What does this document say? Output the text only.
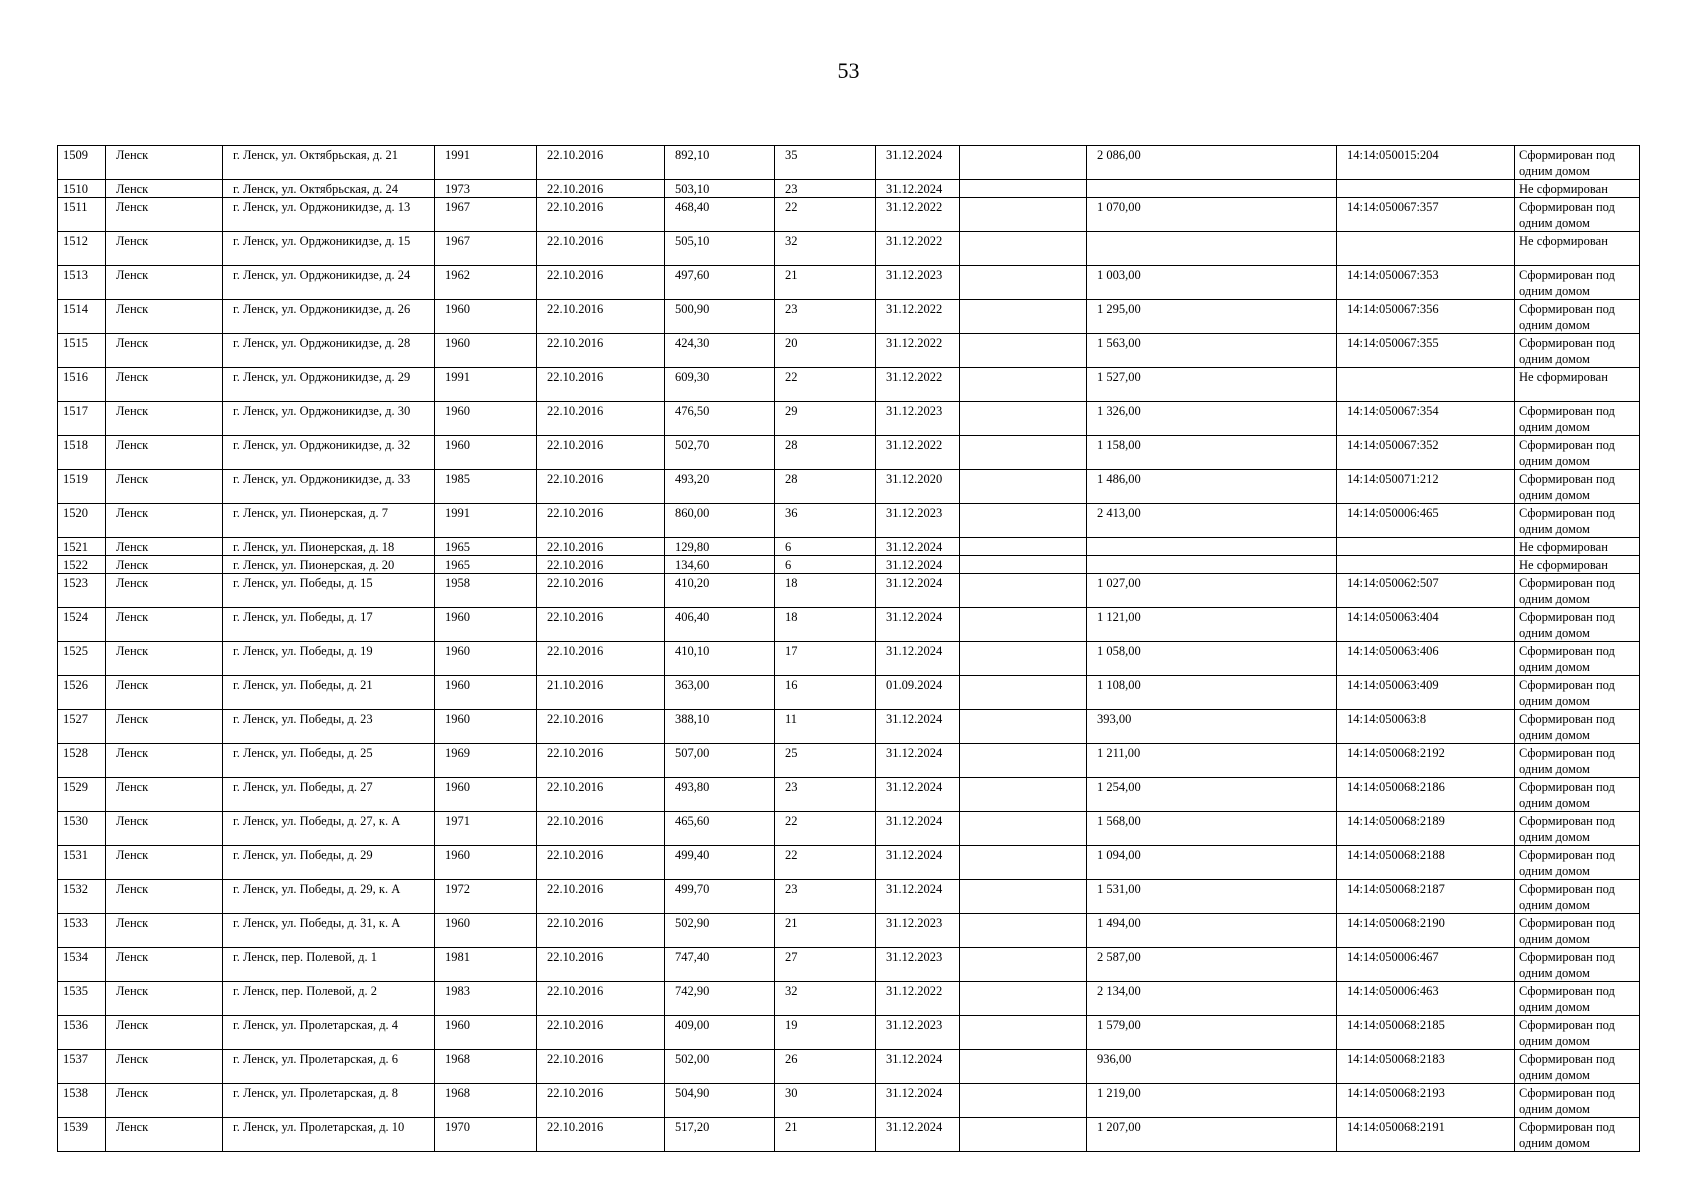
53
1509	Ленск	г. Ленск, ул. Октябрьская, д. 21	1991	22.10.2016	892,10	35	31.12.2024		2 086,00	14:14:050015:204	Сформирован под одним домом
1510	Ленск	г. Ленск, ул. Октябрьская, д. 24	1973	22.10.2016	503,10	23	31.12.2024				Не сформирован
1511	Ленск	г. Ленск, ул. Орджоникидзе, д. 13	1967	22.10.2016	468,40	22	31.12.2022		1 070,00	14:14:050067:357	Сформирован под одним домом
1512	Ленск	г. Ленск, ул. Орджоникидзе, д. 15	1967	22.10.2016	505,10	32	31.12.2022				Не сформирован
1513	Ленск	г. Ленск, ул. Орджоникидзе, д. 24	1962	22.10.2016	497,60	21	31.12.2023		1 003,00	14:14:050067:353	Сформирован под одним домом
1514	Ленск	г. Ленск, ул. Орджоникидзе, д. 26	1960	22.10.2016	500,90	23	31.12.2022		1 295,00	14:14:050067:356	Сформирован под одним домом
1515	Ленск	г. Ленск, ул. Орджоникидзе, д. 28	1960	22.10.2016	424,30	20	31.12.2022		1 563,00	14:14:050067:355	Сформирован под одним домом
1516	Ленск	г. Ленск, ул. Орджоникидзе, д. 29	1991	22.10.2016	609,30	22	31.12.2022		1 527,00		Не сформирован
1517	Ленск	г. Ленск, ул. Орджоникидзе, д. 30	1960	22.10.2016	476,50	29	31.12.2023		1 326,00	14:14:050067:354	Сформирован под одним домом
1518	Ленск	г. Ленск, ул. Орджоникидзе, д. 32	1960	22.10.2016	502,70	28	31.12.2022		1 158,00	14:14:050067:352	Сформирован под одним домом
1519	Ленск	г. Ленск, ул. Орджоникидзе, д. 33	1985	22.10.2016	493,20	28	31.12.2020		1 486,00	14:14:050071:212	Сформирован под одним домом
1520	Ленск	г. Ленск, ул. Пионерская, д. 7	1991	22.10.2016	860,00	36	31.12.2023		2 413,00	14:14:050006:465	Сформирован под одним домом
1521	Ленск	г. Ленск, ул. Пионерская, д. 18	1965	22.10.2016	129,80	6	31.12.2024				Не сформирован
1522	Ленск	г. Ленск, ул. Пионерская, д. 20	1965	22.10.2016	134,60	6	31.12.2024				Не сформирован
1523	Ленск	г. Ленск, ул. Победы, д. 15	1958	22.10.2016	410,20	18	31.12.2024		1 027,00	14:14:050062:507	Сформирован под одним домом
1524	Ленск	г. Ленск, ул. Победы, д. 17	1960	22.10.2016	406,40	18	31.12.2024		1 121,00	14:14:050063:404	Сформирован под одним домом
1525	Ленск	г. Ленск, ул. Победы, д. 19	1960	22.10.2016	410,10	17	31.12.2024		1 058,00	14:14:050063:406	Сформирован под одним домом
1526	Ленск	г. Ленск, ул. Победы, д. 21	1960	21.10.2016	363,00	16	01.09.2024		1 108,00	14:14:050063:409	Сформирован под одним домом
1527	Ленск	г. Ленск, ул. Победы, д. 23	1960	22.10.2016	388,10	11	31.12.2024		393,00	14:14:050063:8	Сформирован под одним домом
1528	Ленск	г. Ленск, ул. Победы, д. 25	1969	22.10.2016	507,00	25	31.12.2024		1 211,00	14:14:050068:2192	Сформирован под одним домом
1529	Ленск	г. Ленск, ул. Победы, д. 27	1960	22.10.2016	493,80	23	31.12.2024		1 254,00	14:14:050068:2186	Сформирован под одним домом
1530	Ленск	г. Ленск, ул. Победы, д. 27, к. А	1971	22.10.2016	465,60	22	31.12.2024		1 568,00	14:14:050068:2189	Сформирован под одним домом
1531	Ленск	г. Ленск, ул. Победы, д. 29	1960	22.10.2016	499,40	22	31.12.2024		1 094,00	14:14:050068:2188	Сформирован под одним домом
1532	Ленск	г. Ленск, ул. Победы, д. 29, к. А	1972	22.10.2016	499,70	23	31.12.2024		1 531,00	14:14:050068:2187	Сформирован под одним домом
1533	Ленск	г. Ленск, ул. Победы, д. 31, к. А	1960	22.10.2016	502,90	21	31.12.2023		1 494,00	14:14:050068:2190	Сформирован под одним домом
1534	Ленск	г. Ленск, пер. Полевой, д. 1	1981	22.10.2016	747,40	27	31.12.2023		2 587,00	14:14:050006:467	Сформирован под одним домом
1535	Ленск	г. Ленск, пер. Полевой, д. 2	1983	22.10.2016	742,90	32	31.12.2022		2 134,00	14:14:050006:463	Сформирован под одним домом
1536	Ленск	г. Ленск, ул. Пролетарская, д. 4	1960	22.10.2016	409,00	19	31.12.2023		1 579,00	14:14:050068:2185	Сформирован под одним домом
1537	Ленск	г. Ленск, ул. Пролетарская, д. 6	1968	22.10.2016	502,00	26	31.12.2024		936,00	14:14:050068:2183	Сформирован под одним домом
1538	Ленск	г. Ленск, ул. Пролетарская, д. 8	1968	22.10.2016	504,90	30	31.12.2024		1 219,00	14:14:050068:2193	Сформирован под одним домом
1539	Ленск	г. Ленск, ул. Пролетарская, д. 10	1970	22.10.2016	517,20	21	31.12.2024		1 207,00	14:14:050068:2191	Сформирован под одним домом
